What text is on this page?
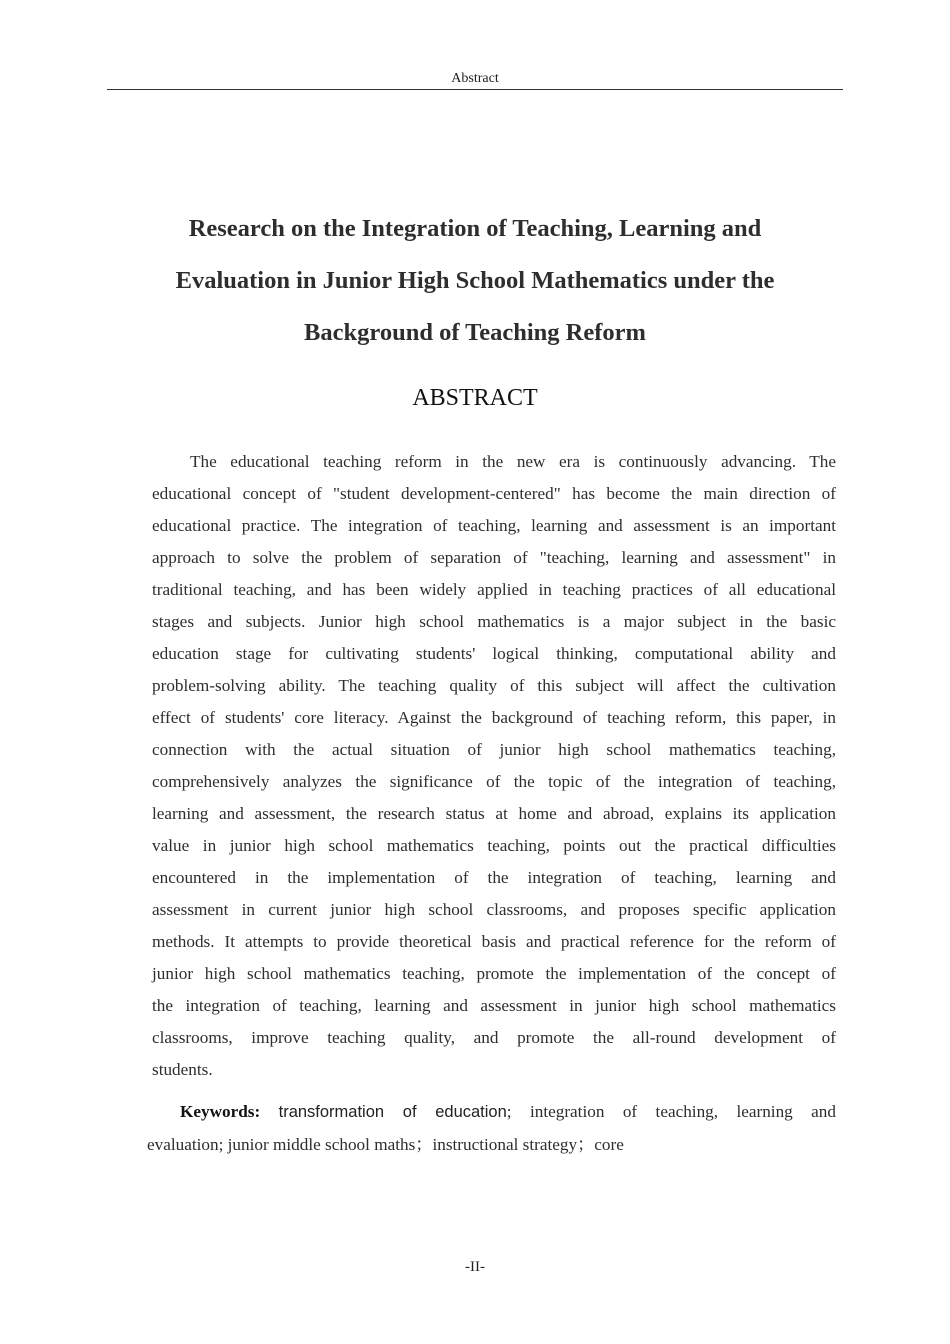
Abstract
Research on the Integration of Teaching, Learning and
Evaluation in Junior High School Mathematics under the
Background of Teaching Reform
ABSTRACT
The educational teaching reform in the new era is continuously advancing. The
educational concept of "student development-centered" has become the main direction of
educational practice. The integration of teaching, learning and assessment is an important
approach to solve the problem of separation of "teaching, learning and assessment" in
traditional teaching, and has been widely applied in teaching practices of all educational
stages and subjects. Junior high school mathematics is a major subject in the basic
education stage for cultivating students' logical thinking, computational ability and
problem-solving ability. The teaching quality of this subject will affect the cultivation
effect of students' core literacy. Against the background of teaching reform, this paper, in
connection with the actual situation of junior high school mathematics teaching,
comprehensively analyzes the significance of the topic of the integration of teaching,
learning and assessment, the research status at home and abroad, explains its application
value in junior high school mathematics teaching, points out the practical difficulties
encountered in the implementation of the integration of teaching, learning and
assessment in current junior high school classrooms, and proposes specific application
methods. It attempts to provide theoretical basis and practical reference for the reform of
junior high school mathematics teaching, promote the implementation of the concept of
the integration of teaching, learning and assessment in junior high school mathematics
classrooms, improve teaching quality, and promote the all-round development of
students.
Keywords: transformation of education; integration of teaching, learning and
evaluation; junior middle school maths；instructional strategy；core
-II-
